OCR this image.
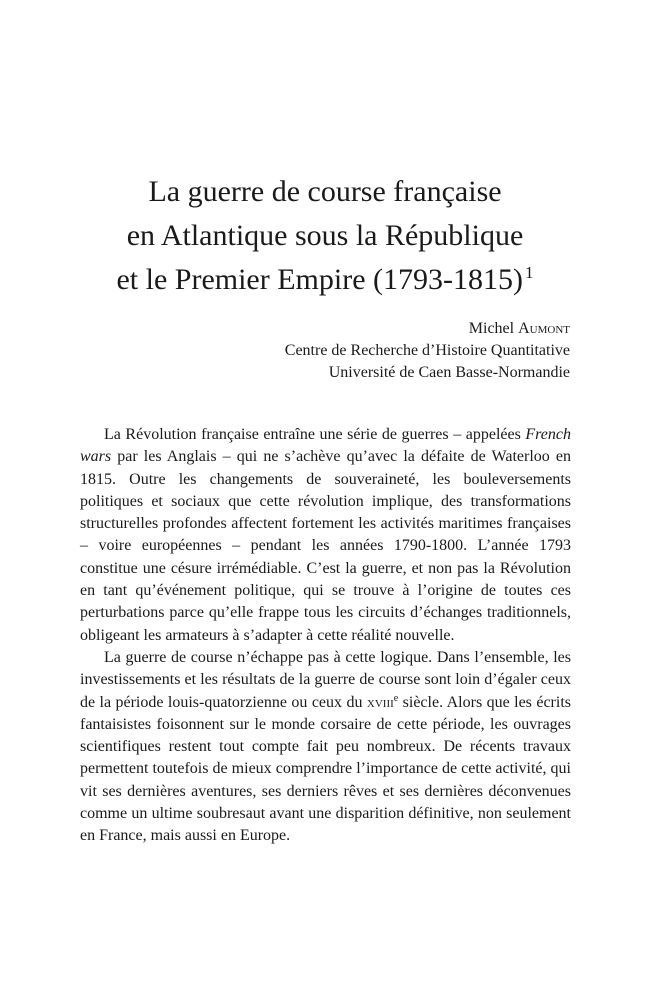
La guerre de course française
en Atlantique sous la République
et le Premier Empire (1793-1815) $^1$
Michel Aumont
Centre de Recherche d’Histoire Quantitative
Université de Caen Basse-Normandie

La Révolution française entraîne une série de guerres – appelées French wars par les Anglais – qui ne s’achève qu’avec la défaite de Waterloo en 1815. Outre les changements de souveraineté, les bouleversements politiques et sociaux que cette révolution implique, des transformations structurelles profondes affectent fortement les activités maritimes françaises – voire européennes – pendant les années 1790-1800. L’année 1793 constitue une césure irrémédiable. C’est la guerre, et non pas la Révolution en tant qu’événement politique, qui se trouve à l’origine de toutes ces perturbations parce qu’elle frappe tous les circuits d’échanges traditionnels, obligeant les armateurs à s’adapter à cette réalité nouvelle.

La guerre de course n’échappe pas à cette logique. Dans l’ensemble, les investissements et les résultats de la guerre de course sont loin d’égaler ceux de la période louis-quatorzienne ou ceux du xviii$^e$ siècle. Alors que les écrits fantaisistes foisonnent sur le monde corsaire de cette période, les ouvrages scientifiques restent tout compte fait peu nombreux. De récents travaux permettent toutefois de mieux comprendre l’importance de cette activité, qui vit ses dernières aventures, ses derniers rêves et ses dernières déconvenues comme un ultime soubresaut avant une disparition définitive, non seulement en France, mais aussi en Europe.
